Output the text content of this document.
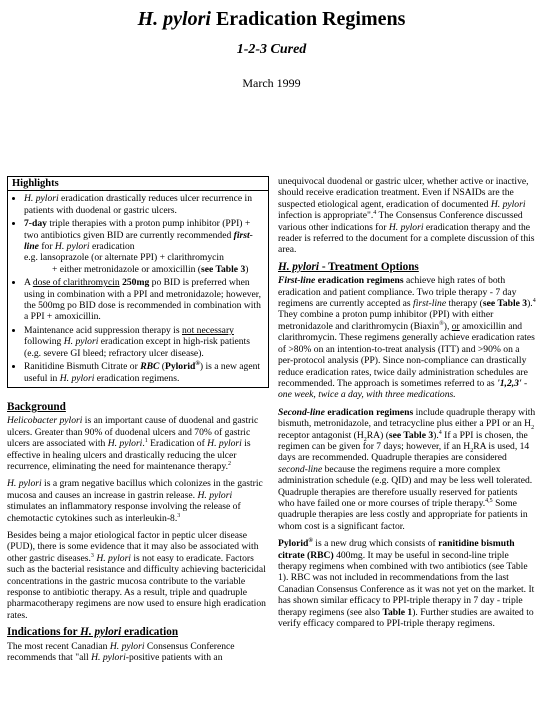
H. pylori Eradication Regimens
1-2-3 Cured
March 1999
Highlights
• H. pylori eradication drastically reduces ulcer recurrence in patients with duodenal or gastric ulcers.
• 7-day triple therapies with a proton pump inhibitor (PPI) + two antibiotics given BID are currently recommended first-line for H. pylori eradication
e.g. lansoprazole (or alternate PPI) + clarithromycin
+ either metronidazole or amoxicillin (see Table 3)
• A dose of clarithromycin 250mg po BID is preferred when using in combination with a PPI and metronidazole; however, the 500mg po BID dose is recommended in combination with a PPI + amoxicillin.
• Maintenance acid suppression therapy is not necessary following H. pylori eradication except in high-risk patients (e.g. severe GI bleed; refractory ulcer disease).
• Ranitidine Bismuth Citrate or RBC (Pylorid®) is a new agent useful in H. pylori eradication regimens.
Background

Helicobacter pylori is an important cause of duodenal and gastric ulcers. Greater than 90% of duodenal ulcers and 70% of gastric ulcers are associated with H. pylori.$^1$ Eradication of H. pylori is effective in healing ulcers and drastically reducing the ulcer recurrence, eliminating the need for maintenance therapy.$^2$

H. pylori is a gram negative bacillus which colonizes in the gastric mucosa and causes an increase in gastrin release. H. pylori stimulates an inflammatory response involving the release of chemotactic cytokines such as interleukin-8.$^3$

Besides being a major etiological factor in peptic ulcer disease (PUD), there is some evidence that it may also be associated with other gastric diseases.$^3$ H. pylori is not easy to eradicate. Factors such as the bacterial resistance and difficulty achieving bactericidal concentrations in the gastric mucosa contribute to the variable response to antibiotic therapy. As a result, triple and quadruple pharmacotherapy regimens are now used to ensure high eradication rates.

Indications for H. pylori eradication

The most recent Canadian H. pylori Consensus Conference recommends that "all H. pylori-positive patients with an

unequivocal duodenal or gastric ulcer, whether active or inactive, should receive eradication treatment. Even if NSAIDs are the suspected etiological agent, eradication of documented H. pylori infection is appropriate".$^4$ The Consensus Conference discussed various other indications for H. pylori eradication therapy and the reader is referred to the document for a complete discussion of this area.

H. pylori - Treatment Options

First-line eradication regimens achieve high rates of both eradication and patient compliance. Two triple therapy - 7 day regimens are currently accepted as first-line therapy (see Table 3).$^4$ They combine a proton pump inhibitor (PPI) with either metronidazole and clarithromycin (Biaxin®), or amoxicillin and clarithromycin. These regimens generally achieve eradication rates of >80% on an intention-to-treat analysis (ITT) and >90% on a per-protocol analysis (PP). Since non-compliance can drastically reduce eradication rates, twice daily administration schedules are recommended. The approach is sometimes referred to as '1,2,3' - one week, twice a day, with three medications.

Second-line eradication regimens include quadruple therapy with bismuth, metronidazole, and tetracycline plus either a PPI or an $H_2$ receptor antagonist $(H_2RA)$ (see Table 3).$^4$ If a PPI is chosen, the regimen can be given for 7 days; however, if an $H_2RA$ is used, 14 days are recommended. Quadruple therapies are considered second-line because the regimens require a more complex administration schedule (e.g. QID) and may be less well tolerated. Quadruple therapies are therefore usually reserved for patients who have failed one or more courses of triple therapy.$^{4,5}$ Some quadruple therapies are less costly and appropriate for patients in whom cost is a significant factor.

Pylorid® is a new drug which consists of ranitidine bismuth citrate (RBC) 400mg. It may be useful in second-line triple therapy regimens when combined with two antibiotics (see Table 1). RBC was not included in recommendations from the last Canadian Consensus Conference as it was not yet on the market. It has shown similar efficacy to PPI-triple therapy in 7 day - triple therapy regimens (see also Table 1). Further studies are awaited to verify efficacy compared to PPI-triple therapy regimens.
